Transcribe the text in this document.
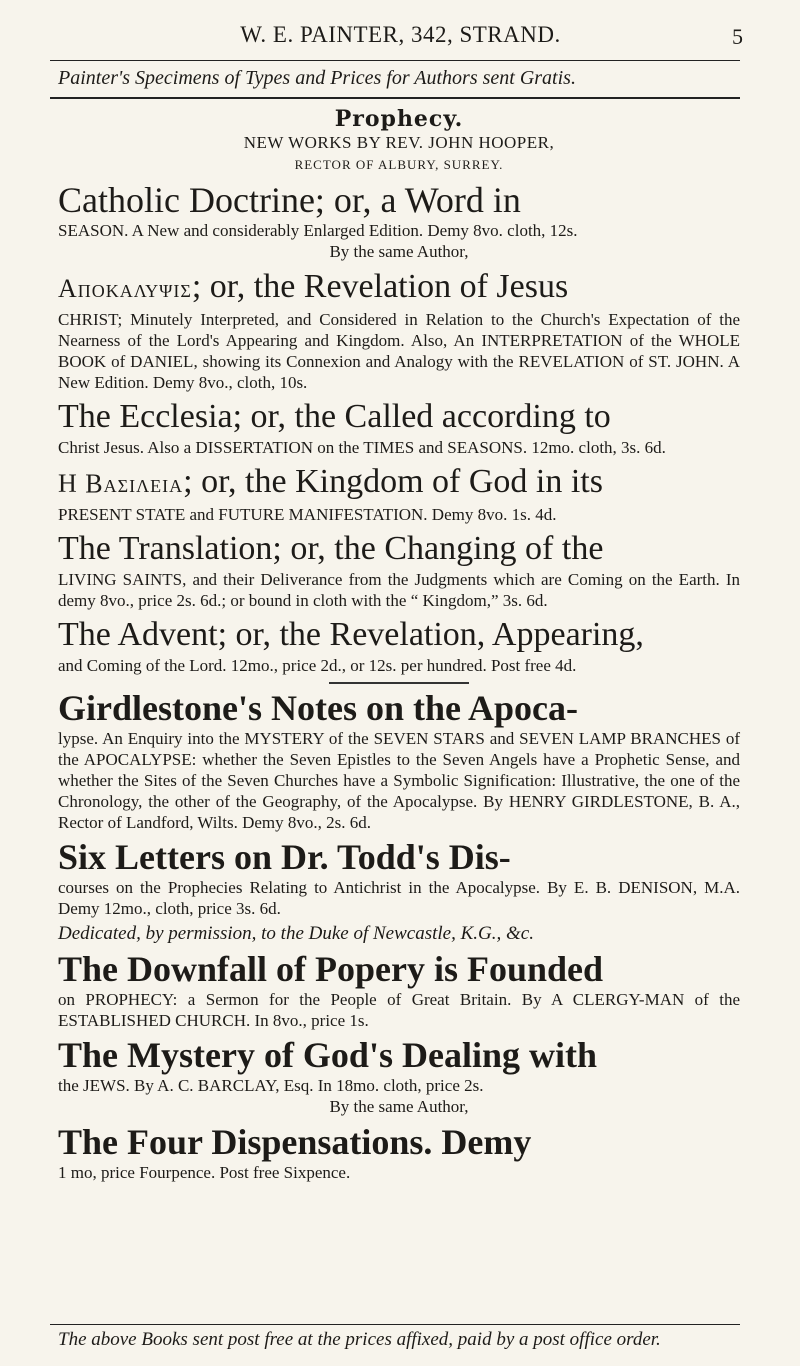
W. E. PAINTER, 342, STRAND.	5
Painter's Specimens of Types and Prices for Authors sent Gratis.
Prophecy.
NEW WORKS BY REV. JOHN HOOPER,
RECTOR OF ALBURY, SURREY.
Catholic Doctrine; or, a Word in
SEASON. A New and considerably Enlarged Edition. Demy 8vo. cloth, 12s.
By the same Author,
Αποκαλυψις; or, the Revelation of Jesus
CHRIST; Minutely Interpreted, and Considered in Relation to the Church's Expectation of the Nearness of the Lord's Appearing and Kingdom. Also, An INTERPRETATION of the WHOLE BOOK of DANIEL, showing its Connexion and Analogy with the REVELATION of ST. JOHN. A New Edition. Demy 8vo., cloth, 10s.
The Ecclesia; or, the Called according to
Christ Jesus. Also a DISSERTATION on the TIMES and SEASONS. 12mo. cloth, 3s. 6d.
Η Βασιλεια; or, the Kingdom of God in its
PRESENT STATE and FUTURE MANIFESTATION. Demy 8vo. 1s. 4d.
The Translation; or, the Changing of the
LIVING SAINTS, and their Deliverance from the Judgments which are Coming on the Earth. In demy 8vo., price 2s. 6d.; or bound in cloth with the “ Kingdom,” 3s. 6d.
The Advent; or, the Revelation, Appearing,
and Coming of the Lord. 12mo., price 2d., or 12s. per hundred. Post free 4d.
Girdlestone's Notes on the Apoca-
lypse. An Enquiry into the MYSTERY of the SEVEN STARS and SEVEN LAMP BRANCHES of the APOCALYPSE: whether the Seven Epistles to the Seven Angels have a Prophetic Sense, and whether the Sites of the Seven Churches have a Symbolic Signification: Illustrative, the one of the Chronology, the other of the Geography, of the Apocalypse. By HENRY GIRDLESTONE, B. A., Rector of Landford, Wilts. Demy 8vo., 2s. 6d.
Six Letters on Dr. Todd's Dis-
courses on the Prophecies Relating to Antichrist in the Apocalypse. By E. B. DENISON, M.A. Demy 12mo., cloth, price 3s. 6d.
Dedicated, by permission, to the Duke of Newcastle, K.G., &c.
The Downfall of Popery is Founded
on PROPHECY: a Sermon for the People of Great Britain. By A CLERGY-MAN of the ESTABLISHED CHURCH. In 8vo., price 1s.
The Mystery of God's Dealing with
the JEWS. By A. C. BARCLAY, Esq. In 18mo. cloth, price 2s.
By the same Author,
The Four Dispensations. Demy
1 mo, price Fourpence. Post free Sixpence.
The above Books sent post free at the prices affixed, paid by a post office order.
